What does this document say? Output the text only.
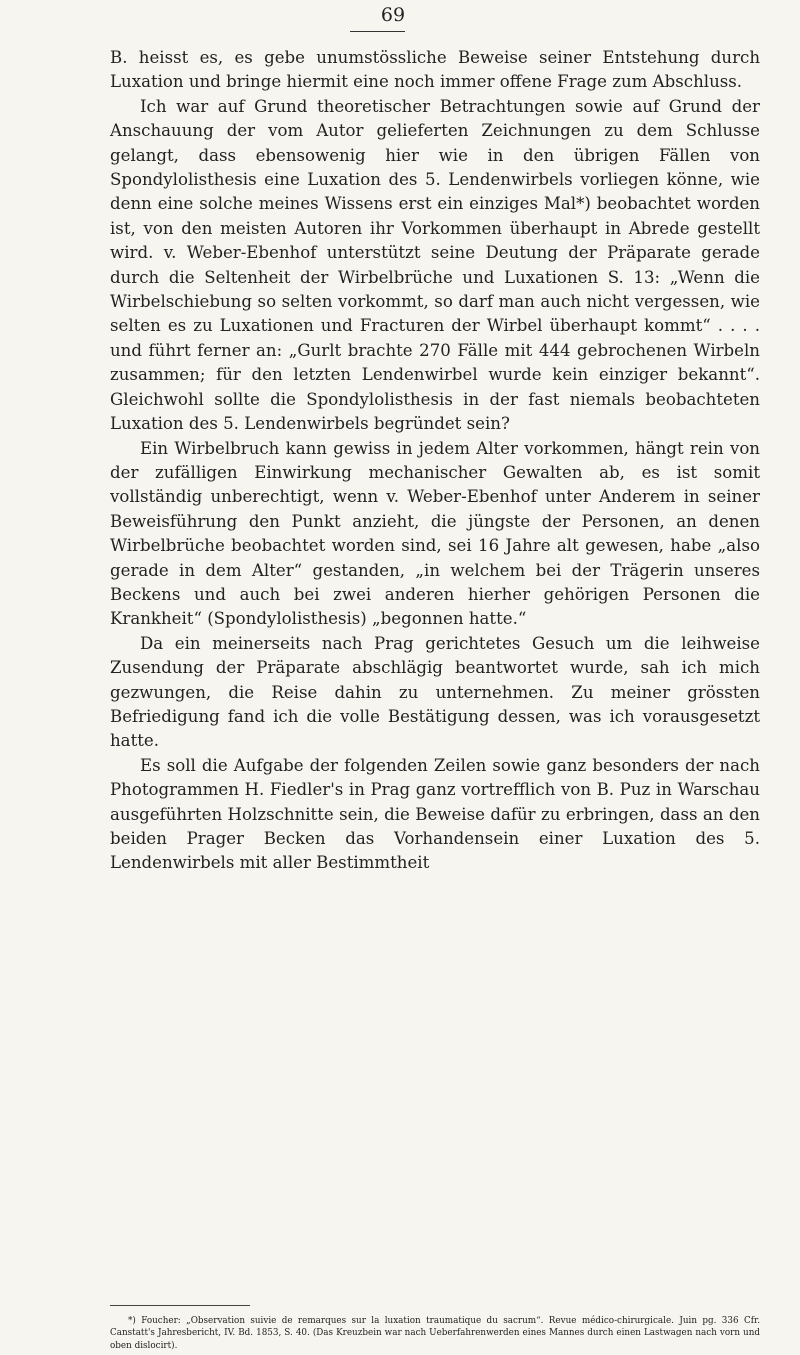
69

B. heisst es, es gebe unumstössliche Beweise seiner Entstehung durch Luxation und bringe hiermit eine noch immer offene Frage zum Abschluss.

Ich war auf Grund theoretischer Betrachtungen sowie auf Grund der Anschauung der vom Autor gelieferten Zeichnungen zu dem Schlusse gelangt, dass ebensowenig hier wie in den übrigen Fällen von Spondylolisthesis eine Luxation des 5. Lendenwirbels vorliegen könne, wie denn eine solche meines Wissens erst ein einziges Mal*) beobachtet worden ist, von den meisten Autoren ihr Vorkommen überhaupt in Abrede gestellt wird. v. Weber-Ebenhof unterstützt seine Deutung der Präparate gerade durch die Seltenheit der Wirbelbrüche und Luxationen S. 13: „Wenn die Wirbelschiebung so selten vorkommt, so darf man auch nicht vergessen, wie selten es zu Luxationen und Fracturen der Wirbel überhaupt kommt“ . . . . und führt ferner an: „Gurlt brachte 270 Fälle mit 444 gebrochenen Wirbeln zusammen; für den letzten Lendenwirbel wurde kein einziger bekannt“. Gleichwohl sollte die Spondylolisthesis in der fast niemals beobachteten Luxation des 5. Lendenwirbels begründet sein?

Ein Wirbelbruch kann gewiss in jedem Alter vorkommen, hängt rein von der zufälligen Einwirkung mechanischer Gewalten ab, es ist somit vollständig unberechtigt, wenn v. Weber-Ebenhof unter Anderem in seiner Beweisführung den Punkt anzieht, die jüngste der Personen, an denen Wirbelbrüche beobachtet worden sind, sei 16 Jahre alt gewesen, habe „also gerade in dem Alter“ gestanden, „in welchem bei der Trägerin unseres Beckens und auch bei zwei anderen hierher gehörigen Personen die Krankheit“ (Spondylolisthesis) „begonnen hatte.“

Da ein meinerseits nach Prag gerichtetes Gesuch um die leihweise Zusendung der Präparate abschlägig beantwortet wurde, sah ich mich gezwungen, die Reise dahin zu unternehmen. Zu meiner grössten Befriedigung fand ich die volle Bestätigung dessen, was ich vorausgesetzt hatte.

Es soll die Aufgabe der folgenden Zeilen sowie ganz besonders der nach Photogrammen H. Fiedler's in Prag ganz vortrefflich von B. Puz in Warschau ausgeführten Holzschnitte sein, die Beweise dafür zu erbringen, dass an den beiden Prager Becken das Vorhandensein einer Luxation des 5. Lendenwirbels mit aller Bestimmtheit

*) Foucher: „Observation suivie de remarques sur la luxation traumatique du sacrum“. Revue médico-chirurgicale. Juin pg. 336 Cfr. Canstatt's Jahresbericht, IV. Bd. 1853, S. 40. (Das Kreuzbein war nach Ueberfahrenwerden eines Mannes durch einen Lastwagen nach vorn und oben dislocirt).
